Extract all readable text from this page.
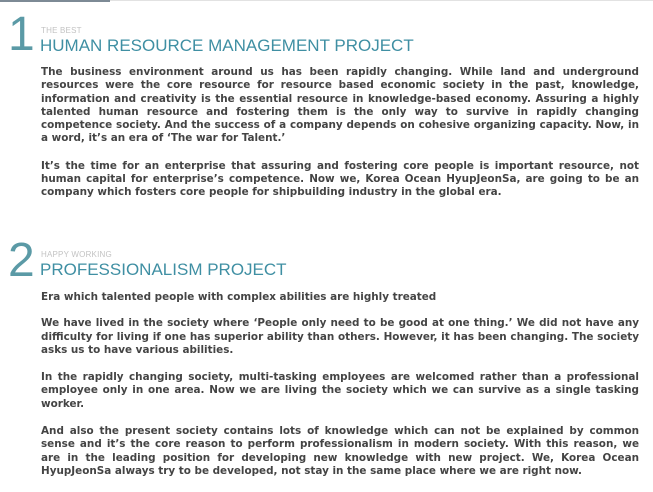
1 THE BEST
HUMAN RESOURCE MANAGEMENT PROJECT

The business environment around us has been rapidly changing. While land and underground resources were the core resource for resource based economic society in the past, knowledge, information and creativity is the essential resource in knowledge-based economy. Assuring a highly talented human resource and fostering them is the only way to survive in rapidly changing competence society. And the success of a company depends on cohesive organizing capacity. Now, in a word, it’s an era of ‘The war for Talent.’

It’s the time for an enterprise that assuring and fostering core people is important resource, not human capital for enterprise’s competence. Now we, Korea Ocean HyupJeonSa, are going to be an company which fosters core people for shipbuilding industry in the global era.

2 HAPPY WORKING
PROFESSIONALISM PROJECT

Era which talented people with complex abilities are highly treated

We have lived in the society where ‘People only need to be good at one thing.’ We did not have any difficulty for living if one has superior ability than others. However, it has been changing. The society asks us to have various abilities.

In the rapidly changing society, multi-tasking employees are welcomed rather than a professional employee only in one area. Now we are living the society which we can survive as a single tasking worker.

And also the present society contains lots of knowledge which can not be explained by common sense and it’s the core reason to perform professionalism in modern society. With this reason, we are in the leading position for developing new knowledge with new project. We, Korea Ocean HyupJeonSa always try to be developed, not stay in the same place where we are right now.
